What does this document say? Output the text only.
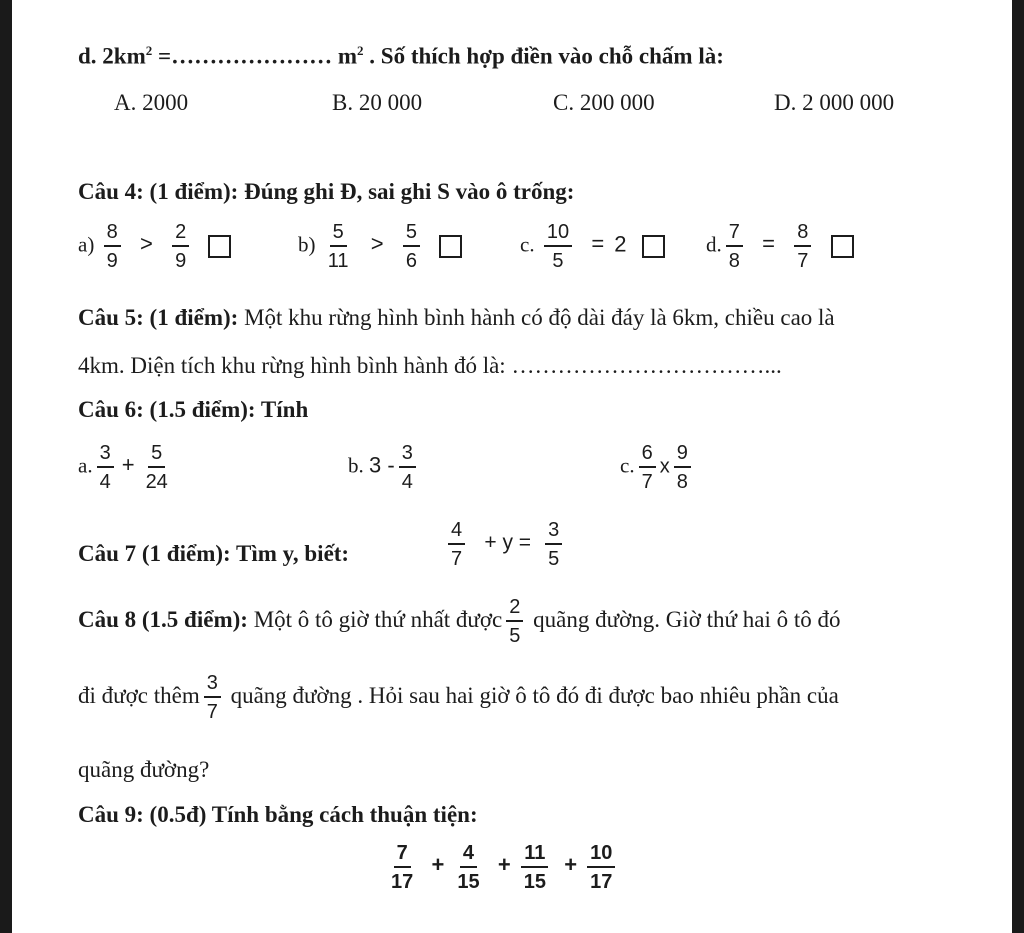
d. $2km^2$ =………………… $m^2$ . Số thích hợp điền vào chỗ chấm là:
A. 2000	B. 20 000	C. 200 000	D. 2 000 000
Câu 4: (1 điểm): Đúng ghi Đ, sai ghi S vào ô trống:
$a) \frac{8}{9} > \frac{2}{9}$
	$b) \frac{5}{11} > \frac{5}{6}$
	c. $\frac{10}{5} = 2$	d. $\frac{7}{8} = \frac{8}{7}$

Câu 5: (1 điểm): Một khu rừng hình bình hành có độ dài đáy là 6km, chiều cao là
4km. Diện tích khu rừng hình bình hành đó là: ……………………………...
Câu 6: (1.5 điểm): Tính
a. $\frac{3}{4} + \frac{5}{24}$	b. $3 - \frac{3}{4}$	c. $\frac{6}{7}$ x $\frac{9}{8}$
Câu 7 (1 điểm): Tìm y, biết:	$\frac{4}{7} + y = \frac{3}{5}$
Câu 8 (1.5 điểm): Một ô tô giờ thứ nhất được $\frac{2}{5}$ quãng đường. Giờ thứ hai ô tô đó
đi được thêm $\frac{3}{7}$ quãng đường . Hỏi sau hai giờ ô tô đó đi được bao nhiêu phần của
quãng đường?
Câu 9: (0.5đ) Tính bằng cách thuận tiện:
$\frac{7}{17} + \frac{4}{15} + \frac{11}{15} + \frac{10}{17}$
